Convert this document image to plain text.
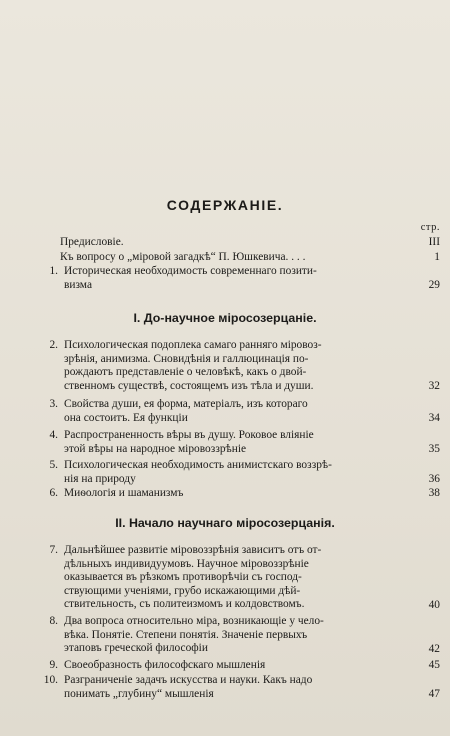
СОДЕРЖАНІЕ.
стр.
Предисловіе.	III
Къ вопросу о „міровой загадкѣ“ П. Юшкевича. . . .	1
1. Историческая необходимость современнаго позити-
визма	29
I. До-научное міросозерцаніе.
2. Психологическая подоплека самаго ранняго міровоз-
зрѣнія, анимизма. Сновидѣнія и галлюцинація по-
рождаютъ представленіе о человѣкѣ, какъ о двой-
ственномъ существѣ, состоящемъ изъ тѣла и души.	32
3. Свойства души, ея форма, матеріалъ, изъ котораго
она состоитъ. Ея функціи	34
4. Распространенность вѣры въ душу. Роковое вліяніе
этой вѣры на народное міровоззрѣніе	35
5. Психологическая необходимость анимистскаго воззрѣ-
нія на природу	36
6. Миѳологія и шаманизмъ	38
II. Начало научнаго міросозерцанія.
7. Дальнѣйшее развитіе міровоззрѣнія зависитъ отъ от-
дѣльныхъ индивидуумовъ. Научное міровоззрѣніе
оказывается въ рѣзкомъ противорѣчіи съ господ-
ствующими ученіями, грубо искажающими дѣй-
ствительность, съ политеизмомъ и колдовствомъ.	40
8. Два вопроса относительно міра, возникающіе у чело-
вѣка. Понятіе. Степени понятія. Значеніе первыхъ
этаповъ греческой философіи	42
9. Своеобразность философскаго мышленія	45
10. Разграниченіе задачъ искусства и науки. Какъ надо
понимать „глубину“ мышленія	47
